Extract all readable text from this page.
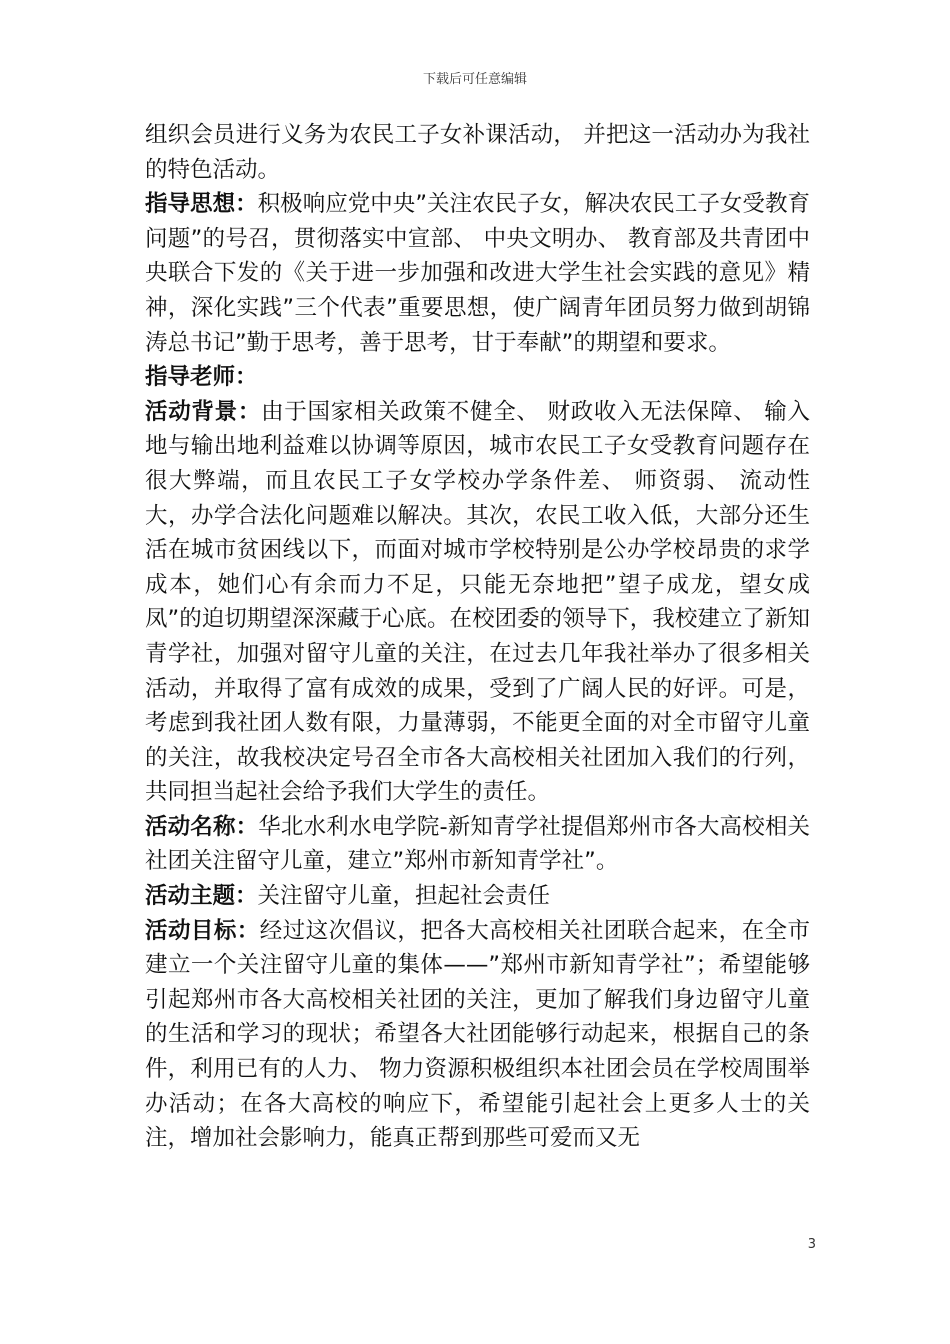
下载后可任意编辑

组织会员进行义务为农民工子女补课活动， 并把这一活动办为我社的特色活动。

指导思想：积极响应党中央”关注农民子女，解决农民工子女受教育问题”的号召，贯彻落实中宣部、 中央文明办、 教育部及共青团中央联合下发的《关于进一步加强和改进大学生社会实践的意见》精神，深化实践”三个代表”重要思想，使广阔青年团员努力做到胡锦涛总书记”勤于思考，善于思考，甘于奉献”的期望和要求。

指导老师：

活动背景：由于国家相关政策不健全、 财政收入无法保障、 输入地与输出地利益难以协调等原因，城市农民工子女受教育问题存在很大弊端，而且农民工子女学校办学条件差、 师资弱、 流动性大，办学合法化问题难以解决。其次，农民工收入低，大部分还生活在城市贫困线以下，而面对城市学校特别是公办学校昂贵的求学成本，她们心有余而力不足，只能无奈地把”望子成龙，望女成凤”的迫切期望深深藏于心底。在校团委的领导下，我校建立了新知青学社，加强对留守儿童的关注，在过去几年我社举办了很多相关活动，并取得了富有成效的成果，受到了广阔人民的好评。可是，考虑到我社团人数有限，力量薄弱，不能更全面的对全市留守儿童的关注，故我校决定号召全市各大高校相关社团加入我们的行列，共同担当起社会给予我们大学生的责任。

活动名称：华北水利水电学院-新知青学社提倡郑州市各大高校相关社团关注留守儿童，建立”郑州市新知青学社”。

活动主题：关注留守儿童，担起社会责任

活动目标：经过这次倡议，把各大高校相关社团联合起来，在全市建立一个关注留守儿童的集体——”郑州市新知青学社”；希望能够引起郑州市各大高校相关社团的关注，更加了解我们身边留守儿童的生活和学习的现状；希望各大社团能够行动起来，根据自己的条件，利用已有的人力、 物力资源积极组织本社团会员在学校周围举办活动；在各大高校的响应下，希望能引起社会上更多人士的关注，增加社会影响力，能真正帮到那些可爱而又无

3
